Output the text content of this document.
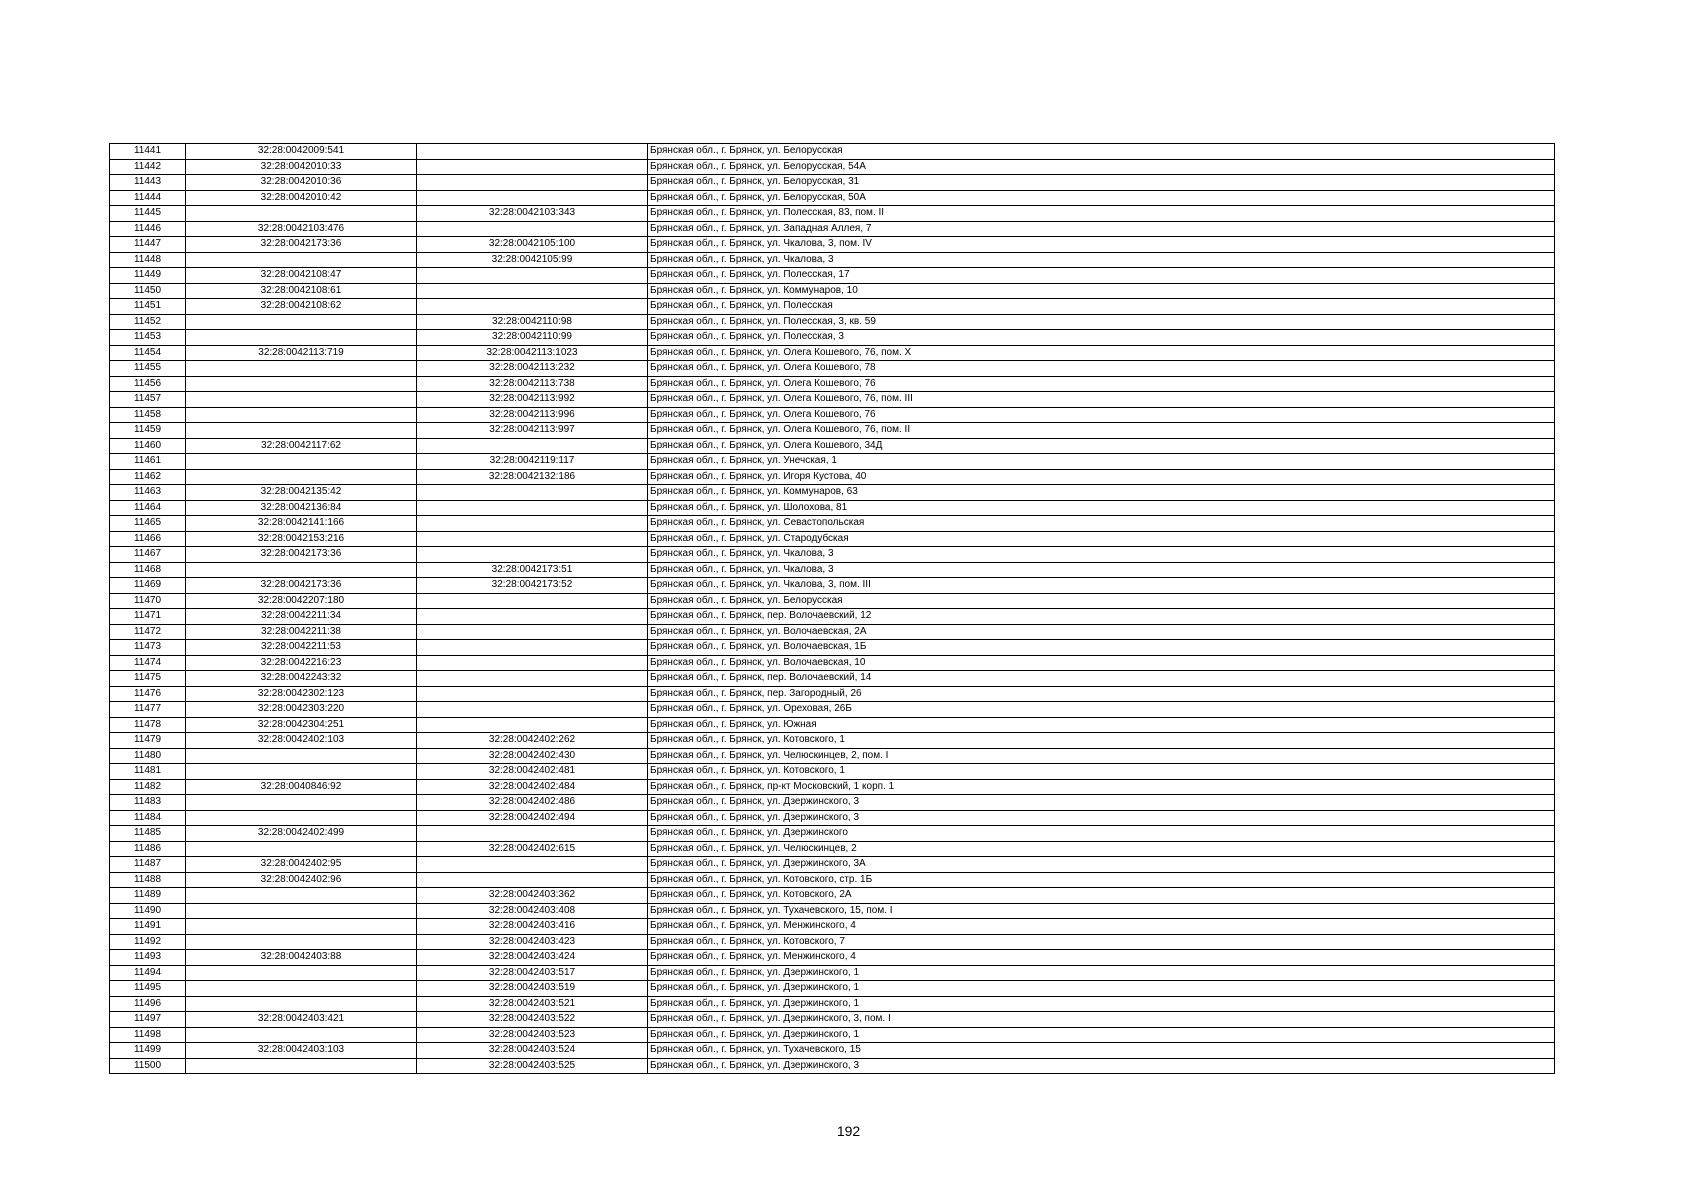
11441	32:28:0042009:541		Брянская обл., г. Брянск, ул. Белорусская
11442	32:28:0042010:33		Брянская обл., г. Брянск, ул. Белорусская, 54А
11443	32:28:0042010:36		Брянская обл., г. Брянск, ул. Белорусская, 31
11444	32:28:0042010:42		Брянская обл., г. Брянск, ул. Белорусская, 50А
11445		32:28:0042103:343	Брянская обл., г. Брянск, ул. Полесская, 83, пом. II
11446	32:28:0042103:476		Брянская обл., г. Брянск, ул. Западная Аллея, 7
11447	32:28:0042173:36	32:28:0042105:100	Брянская обл., г. Брянск, ул. Чкалова, 3, пом. IV
11448		32:28:0042105:99	Брянская обл., г. Брянск, ул. Чкалова, 3
11449	32:28:0042108:47		Брянская обл., г. Брянск, ул. Полесская, 17
11450	32:28:0042108:61		Брянская обл., г. Брянск, ул. Коммунаров, 10
11451	32:28:0042108:62		Брянская обл., г. Брянск, ул. Полесская
11452		32:28:0042110:98	Брянская обл., г. Брянск, ул. Полесская, 3, кв. 59
11453		32:28:0042110:99	Брянская обл., г. Брянск, ул. Полесская, 3
11454	32:28:0042113:719	32:28:0042113:1023	Брянская обл., г. Брянск, ул. Олега Кошевого, 76, пом. X
11455		32:28:0042113:232	Брянская обл., г. Брянск, ул. Олега Кошевого, 78
11456		32:28:0042113:738	Брянская обл., г. Брянск, ул. Олега Кошевого, 76
11457		32:28:0042113:992	Брянская обл., г. Брянск, ул. Олега Кошевого, 76, пом. III
11458		32:28:0042113:996	Брянская обл., г. Брянск, ул. Олега Кошевого, 76
11459		32:28:0042113:997	Брянская обл., г. Брянск, ул. Олега Кошевого, 76, пом. II
11460	32:28:0042117:62		Брянская обл., г. Брянск, ул. Олега Кошевого, 34Д
11461		32:28:0042119:117	Брянская обл., г. Брянск, ул. Унечская, 1
11462		32:28:0042132:186	Брянская обл., г. Брянск, ул. Игоря Кустова, 40
11463	32:28:0042135:42		Брянская обл., г. Брянск, ул. Коммунаров, 63
11464	32:28:0042136:84		Брянская обл., г. Брянск, ул. Шолохова, 81
11465	32:28:0042141:166		Брянская обл., г. Брянск, ул. Севастопольская
11466	32:28:0042153:216		Брянская обл., г. Брянск, ул. Стародубская
11467	32:28:0042173:36		Брянская обл., г. Брянск, ул. Чкалова, 3
11468		32:28:0042173:51	Брянская обл., г. Брянск, ул. Чкалова, 3
11469	32:28:0042173:36	32:28:0042173:52	Брянская обл., г. Брянск, ул. Чкалова, 3, пом. III
11470	32:28:0042207:180		Брянская обл., г. Брянск, ул. Белорусская
11471	32:28:0042211:34		Брянская обл., г. Брянск, пер. Волочаевский, 12
11472	32:28:0042211:38		Брянская обл., г. Брянск, ул. Волочаевская, 2А
11473	32:28:0042211:53		Брянская обл., г. Брянск, ул. Волочаевская, 1Б
11474	32:28:0042216:23		Брянская обл., г. Брянск, ул. Волочаевская, 10
11475	32:28:0042243:32		Брянская обл., г. Брянск, пер. Волочаевский, 14
11476	32:28:0042302:123		Брянская обл., г. Брянск, пер. Загородный, 26
11477	32:28:0042303:220		Брянская обл., г. Брянск, ул. Ореховая, 26Б
11478	32:28:0042304:251		Брянская обл., г. Брянск, ул. Южная
11479	32:28:0042402:103	32:28:0042402:262	Брянская обл., г. Брянск, ул. Котовского, 1
11480		32:28:0042402:430	Брянская обл., г. Брянск, ул. Челюскинцев, 2, пом. I
11481		32:28:0042402:481	Брянская обл., г. Брянск, ул. Котовского, 1
11482	32:28:0040846:92	32:28:0042402:484	Брянская обл., г. Брянск, пр-кт Московский, 1 корп. 1
11483		32:28:0042402:486	Брянская обл., г. Брянск, ул. Дзержинского, 3
11484		32:28:0042402:494	Брянская обл., г. Брянск, ул. Дзержинского, 3
11485	32:28:0042402:499		Брянская обл., г. Брянск, ул. Дзержинского
11486		32:28:0042402:615	Брянская обл., г. Брянск, ул. Челюскинцев, 2
11487	32:28:0042402:95		Брянская обл., г. Брянск, ул. Дзержинского, 3А
11488	32:28:0042402:96		Брянская обл., г. Брянск, ул. Котовского, стр. 1Б
11489		32:28:0042403:362	Брянская обл., г. Брянск, ул. Котовского, 2А
11490		32:28:0042403:408	Брянская обл., г. Брянск, ул. Тухачевского, 15, пом. I
11491		32:28:0042403:416	Брянская обл., г. Брянск, ул. Менжинского, 4
11492		32:28:0042403:423	Брянская обл., г. Брянск, ул. Котовского, 7
11493	32:28:0042403:88	32:28:0042403:424	Брянская обл., г. Брянск, ул. Менжинского, 4
11494		32:28:0042403:517	Брянская обл., г. Брянск, ул. Дзержинского, 1
11495		32:28:0042403:519	Брянская обл., г. Брянск, ул. Дзержинского, 1
11496		32:28:0042403:521	Брянская обл., г. Брянск, ул. Дзержинского, 1
11497	32:28:0042403:421	32:28:0042403:522	Брянская обл., г. Брянск, ул. Дзержинского, 3, пом. I
11498		32:28:0042403:523	Брянская обл., г. Брянск, ул. Дзержинского, 1
11499	32:28:0042403:103	32:28:0042403:524	Брянская обл., г. Брянск, ул. Тухачевского, 15
11500		32:28:0042403:525	Брянская обл., г. Брянск, ул. Дзержинского, 3
192
